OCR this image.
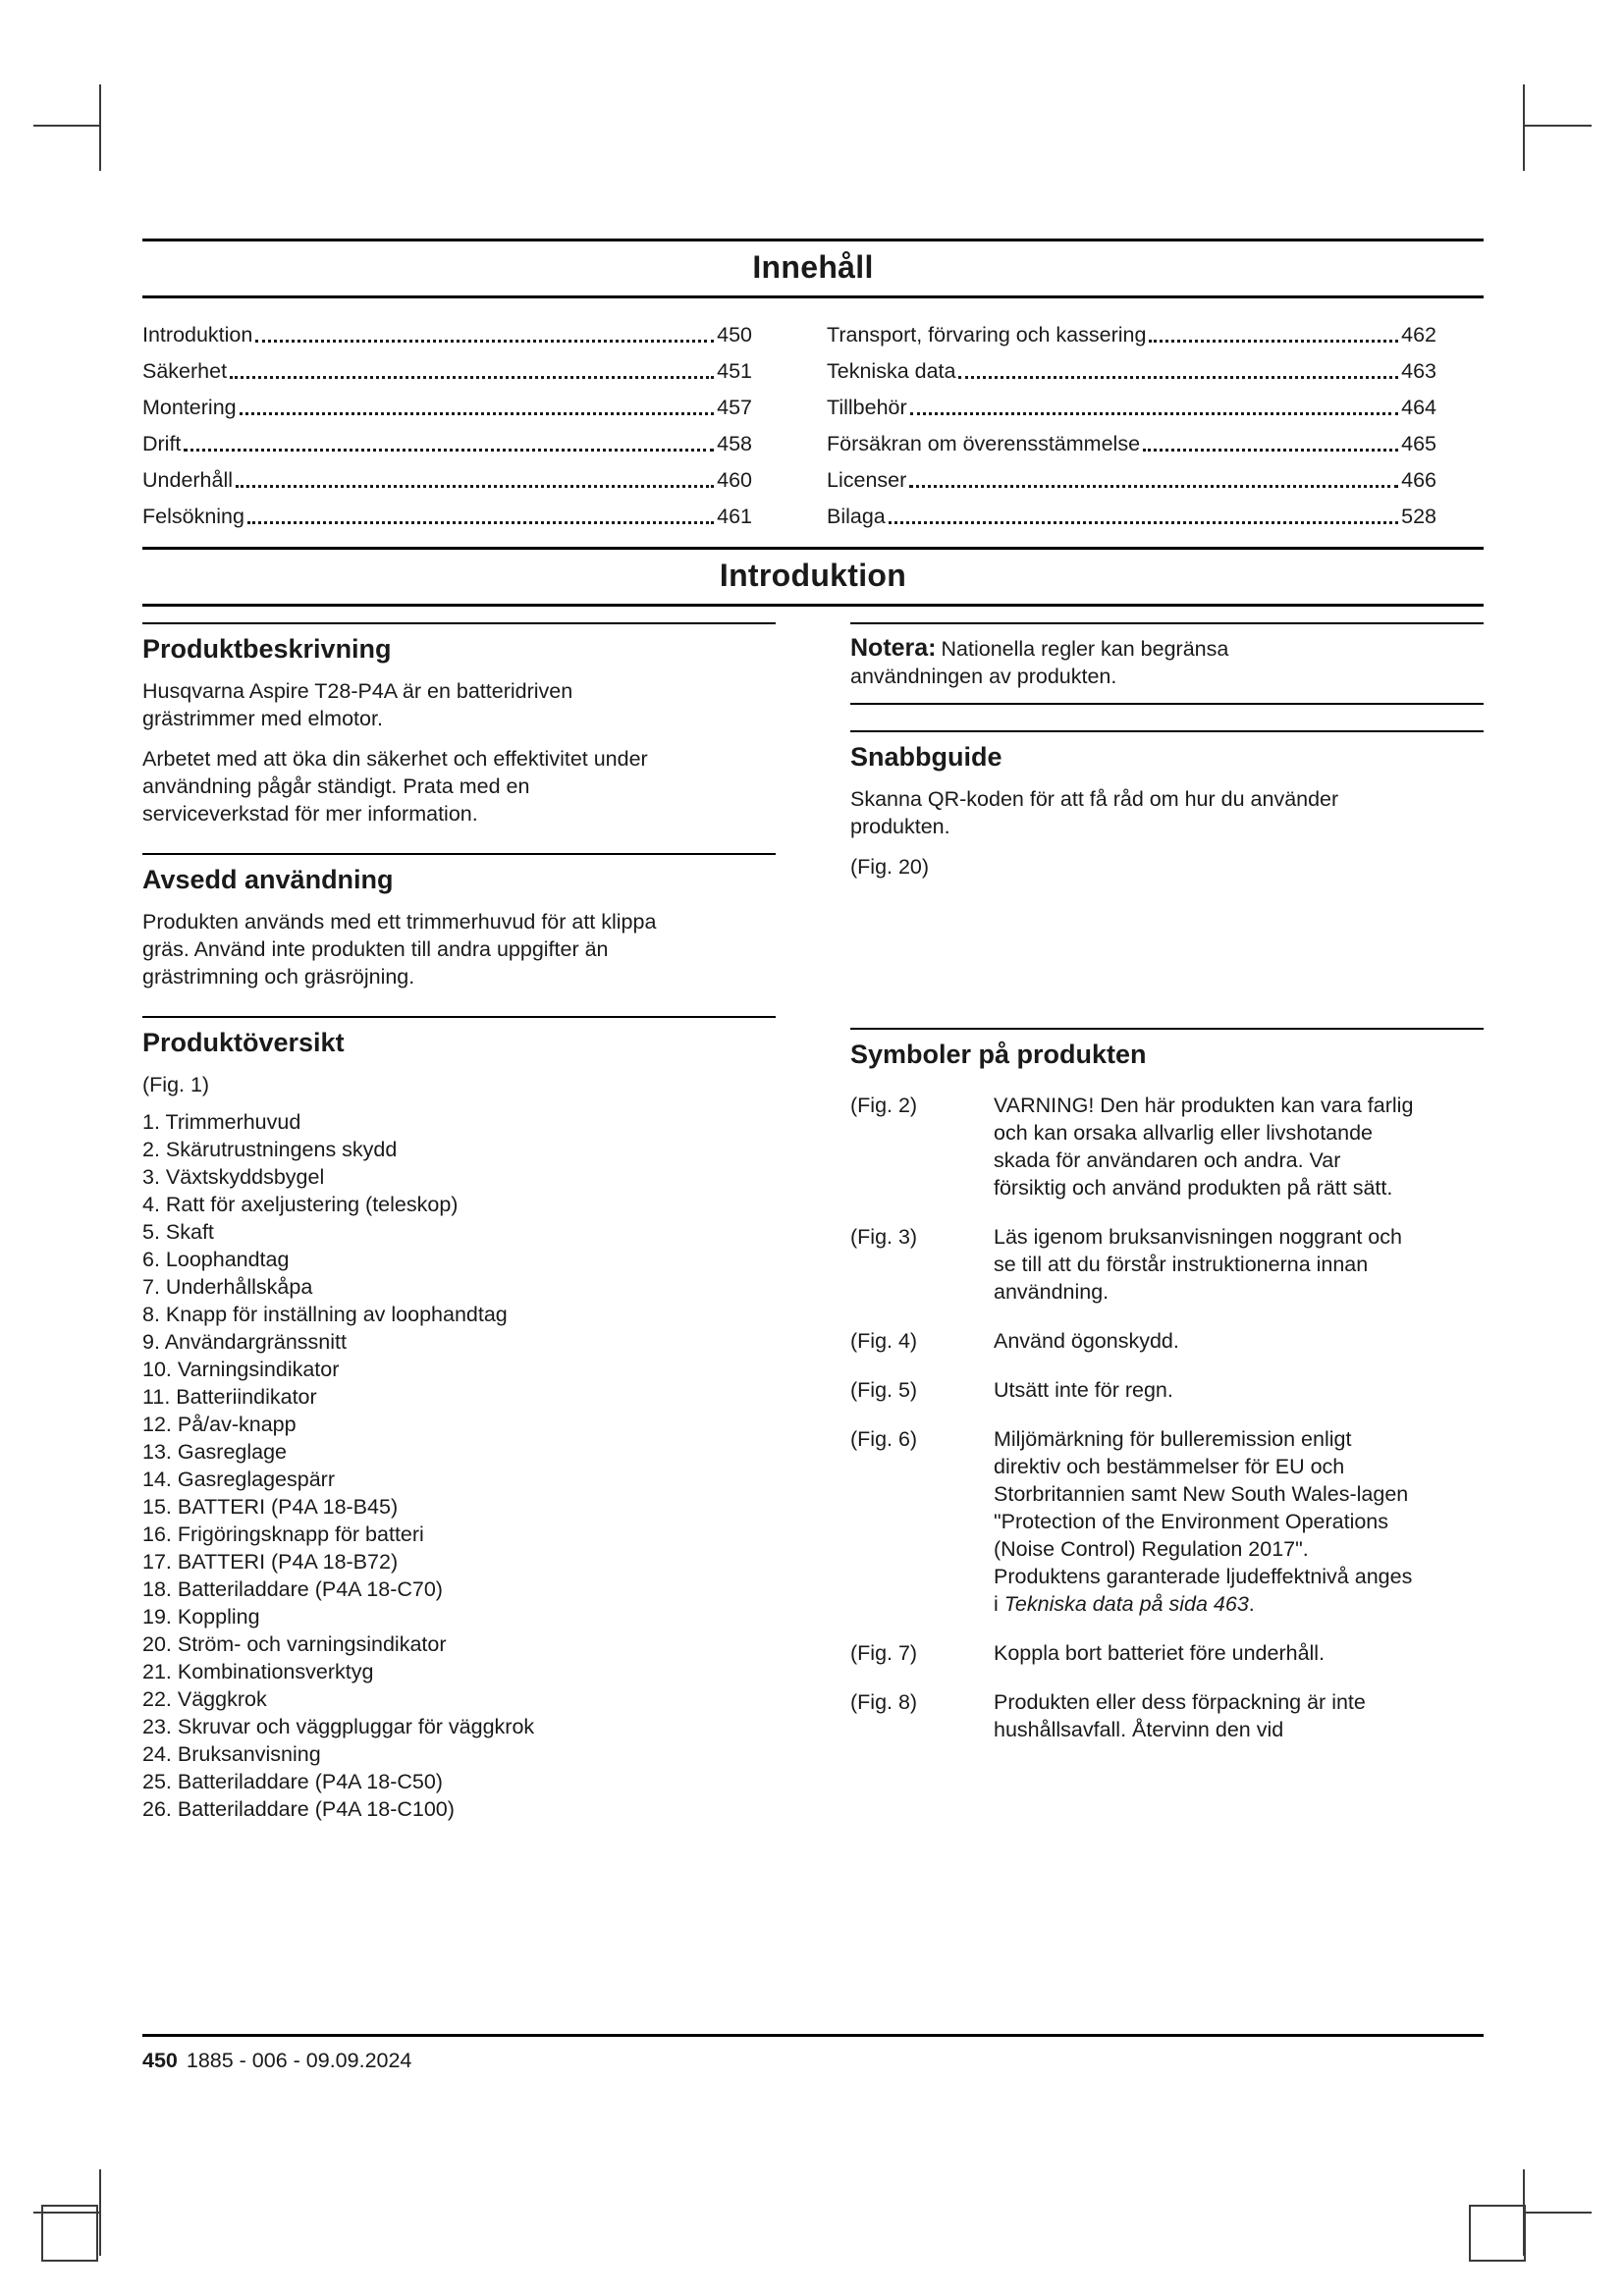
Innehåll
Introduktion	450
Säkerhet	451
Montering	457
Drift	458
Underhåll	460
Felsökning	461
Transport, förvaring och kassering	462
Tekniska data	463
Tillbehör	464
Försäkran om överensstämmelse	465
Licenser	466
Bilaga	528
Introduktion
Produktbeskrivning

Husqvarna Aspire T28-P4A är en batteridriven grästrimmer med elmotor.

Arbetet med att öka din säkerhet och effektivitet under användning pågår ständigt. Prata med en serviceverkstad för mer information.

Avsedd användning

Produkten används med ett trimmerhuvud för att klippa gräs. Använd inte produkten till andra uppgifter än grästrimning och gräsröjning.

Produktöversikt
(Fig. 1)
1. Trimmerhuvud
2. Skärutrustningens skydd
3. Växtskyddsbygel
4. Ratt för axeljustering (teleskop)
5. Skaft
6. Loophandtag
7. Underhållskåpa
8. Knapp för inställning av loophandtag
9. Användargränssnitt
10. Varningsindikator
11. Batteriindikator
12. På/av-knapp
13. Gasreglage
14. Gasreglagespärr
15. BATTERI (P4A 18-B45)
16. Frigöringsknapp för batteri
17. BATTERI (P4A 18-B72)
18. Batteriladdare (P4A 18-C70)
19. Koppling
20. Ström- och varningsindikator
21. Kombinationsverktyg
22. Väggkrok
23. Skruvar och väggpluggar för väggkrok
24. Bruksanvisning
25. Batteriladdare (P4A 18-C50)
26. Batteriladdare (P4A 18-C100)
Notera: Nationella regler kan begränsa användningen av produkten.
Snabbguide

Skanna QR-koden för att få råd om hur du använder produkten.

(Fig. 20)
Symboler på produkten
(Fig. 2)	VARNING! Den här produkten kan vara farlig och kan orsaka allvarlig eller livshotande skada för användaren och andra. Var försiktig och använd produkten på rätt sätt.
(Fig. 3)	Läs igenom bruksanvisningen noggrant och se till att du förstår instruktionerna innan användning.
(Fig. 4)	Använd ögonskydd.
(Fig. 5)	Utsätt inte för regn.
(Fig. 6)	Miljömärkning för bulleremission enligt direktiv och bestämmelser för EU och Storbritannien samt New South Wales-lagen "Protection of the Environment Operations (Noise Control) Regulation 2017". Produktens garanterade ljudeffektnivå anges i Tekniska data på sida 463.
(Fig. 7)	Koppla bort batteriet före underhåll.
(Fig. 8)	Produkten eller dess förpackning är inte hushållsavfall. Återvinn den vid
450 1885 - 006 - 09.09.2024
